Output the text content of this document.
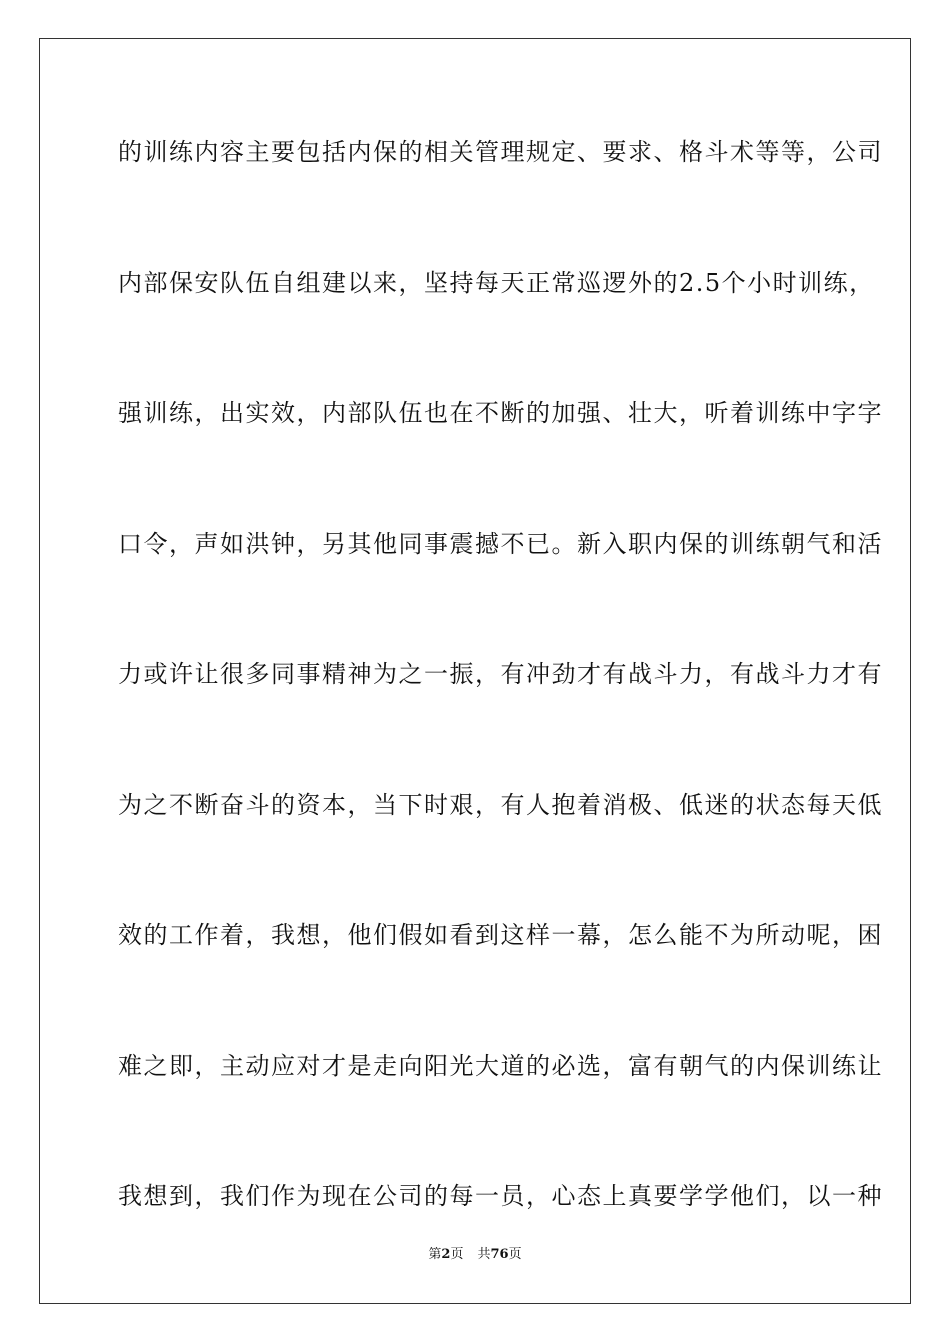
的训练内容主要包括内保的相关管理规定、要求、格斗术等等，公司
内部保安队伍自组建以来，坚持每天正常巡逻外的2.5个小时训练，
强训练，出实效，内部队伍也在不断的加强、壮大，听着训练中字字
口令，声如洪钟，另其他同事震撼不已。新入职内保的训练朝气和活
力或许让很多同事精神为之一振，有冲劲才有战斗力，有战斗力才有
为之不断奋斗的资本，当下时艰，有人抱着消极、低迷的状态每天低
效的工作着，我想，他们假如看到这样一幕，怎么能不为所动呢，困
难之即，主动应对才是走向阳光大道的必选，富有朝气的内保训练让
我想到，我们作为现在公司的每一员，心态上真要学学他们，以一种
第2页 共76页
